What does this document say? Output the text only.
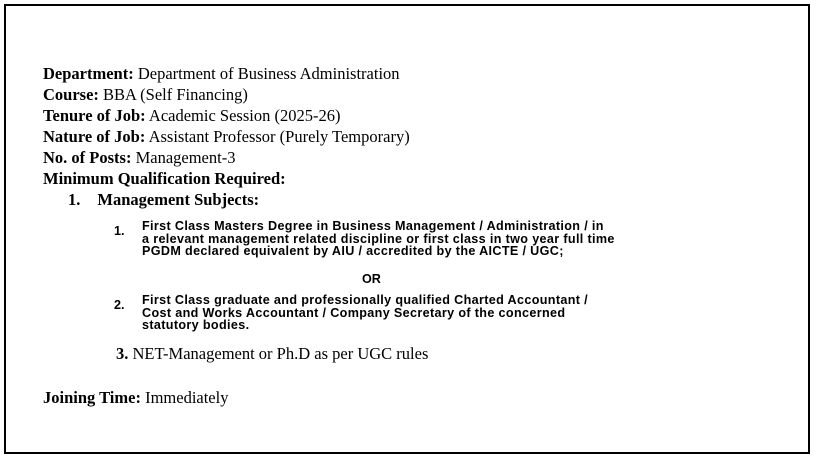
Department: Department of Business Administration
Course: BBA (Self Financing)
Tenure of Job: Academic Session (2025-26)
Nature of Job: Assistant Professor (Purely Temporary)
No. of Posts: Management-3
Minimum Qualification Required:
1. Management Subjects:
1. First Class Masters Degree in Business Management / Administration / in
a relevant management related discipline or first class in two year full time
PGDM declared equivalent by AIU / accredited by the AICTE / UGC;
OR
2. First Class graduate and professionally qualified Charted Accountant /
Cost and Works Accountant / Company Secretary of the concerned
statutory bodies.
3. NET-Management or Ph.D as per UGC rules
Joining Time: Immediately
